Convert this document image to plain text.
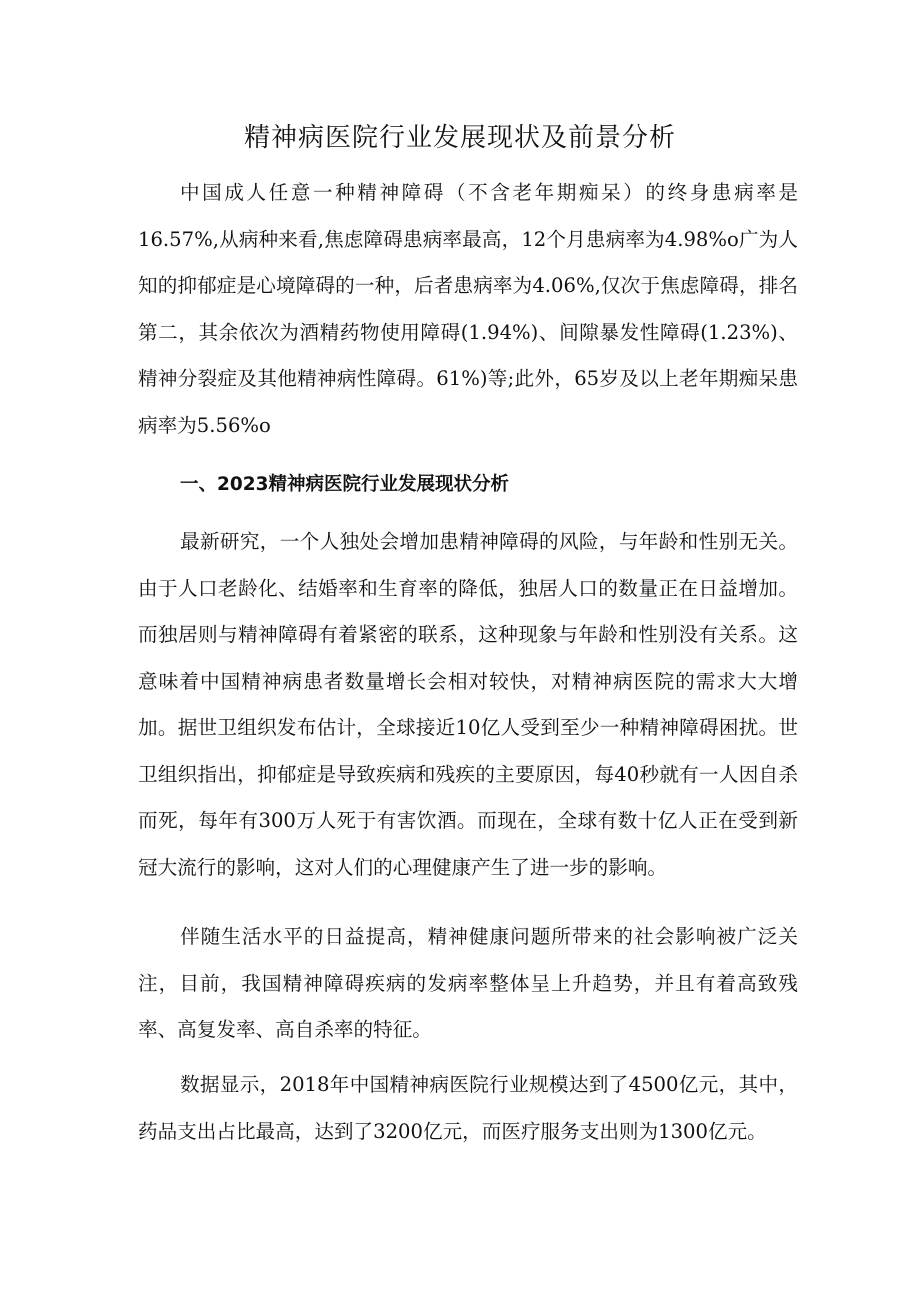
精神病医院行业发展现状及前景分析

中国成人任意一种精神障碍（不含老年期痴呆）的终身患病率是16.57%,从病种来看,焦虑障碍患病率最高，12个月患病率为4.98%o广为人知的抑郁症是心境障碍的一种，后者患病率为4.06%,仅次于焦虑障碍，排名第二，其余依次为酒精药物使用障碍(1.94%)、间隙暴发性障碍(1.23%)、精神分裂症及其他精神病性障碍。61%)等;此外，65岁及以上老年期痴呆患病率为5.56%o

一、2023精神病医院行业发展现状分析

最新研究，一个人独处会增加患精神障碍的风险，与年龄和性别无关。由于人口老龄化、结婚率和生育率的降低，独居人口的数量正在日益增加。而独居则与精神障碍有着紧密的联系，这种现象与年龄和性别没有关系。这意味着中国精神病患者数量增长会相对较快，对精神病医院的需求大大增加。据世卫组织发布估计，全球接近10亿人受到至少一种精神障碍困扰。世卫组织指出，抑郁症是导致疾病和残疾的主要原因，每40秒就有一人因自杀而死，每年有300万人死于有害饮酒。而现在，全球有数十亿人正在受到新冠大流行的影响，这对人们的心理健康产生了进一步的影响。

伴随生活水平的日益提高，精神健康问题所带来的社会影响被广泛关注，目前，我国精神障碍疾病的发病率整体呈上升趋势，并且有着高致残率、高复发率、高自杀率的特征。

数据显示，2018年中国精神病医院行业规模达到了4500亿元，其中，药品支出占比最高，达到了3200亿元，而医疗服务支出则为1300亿元。
